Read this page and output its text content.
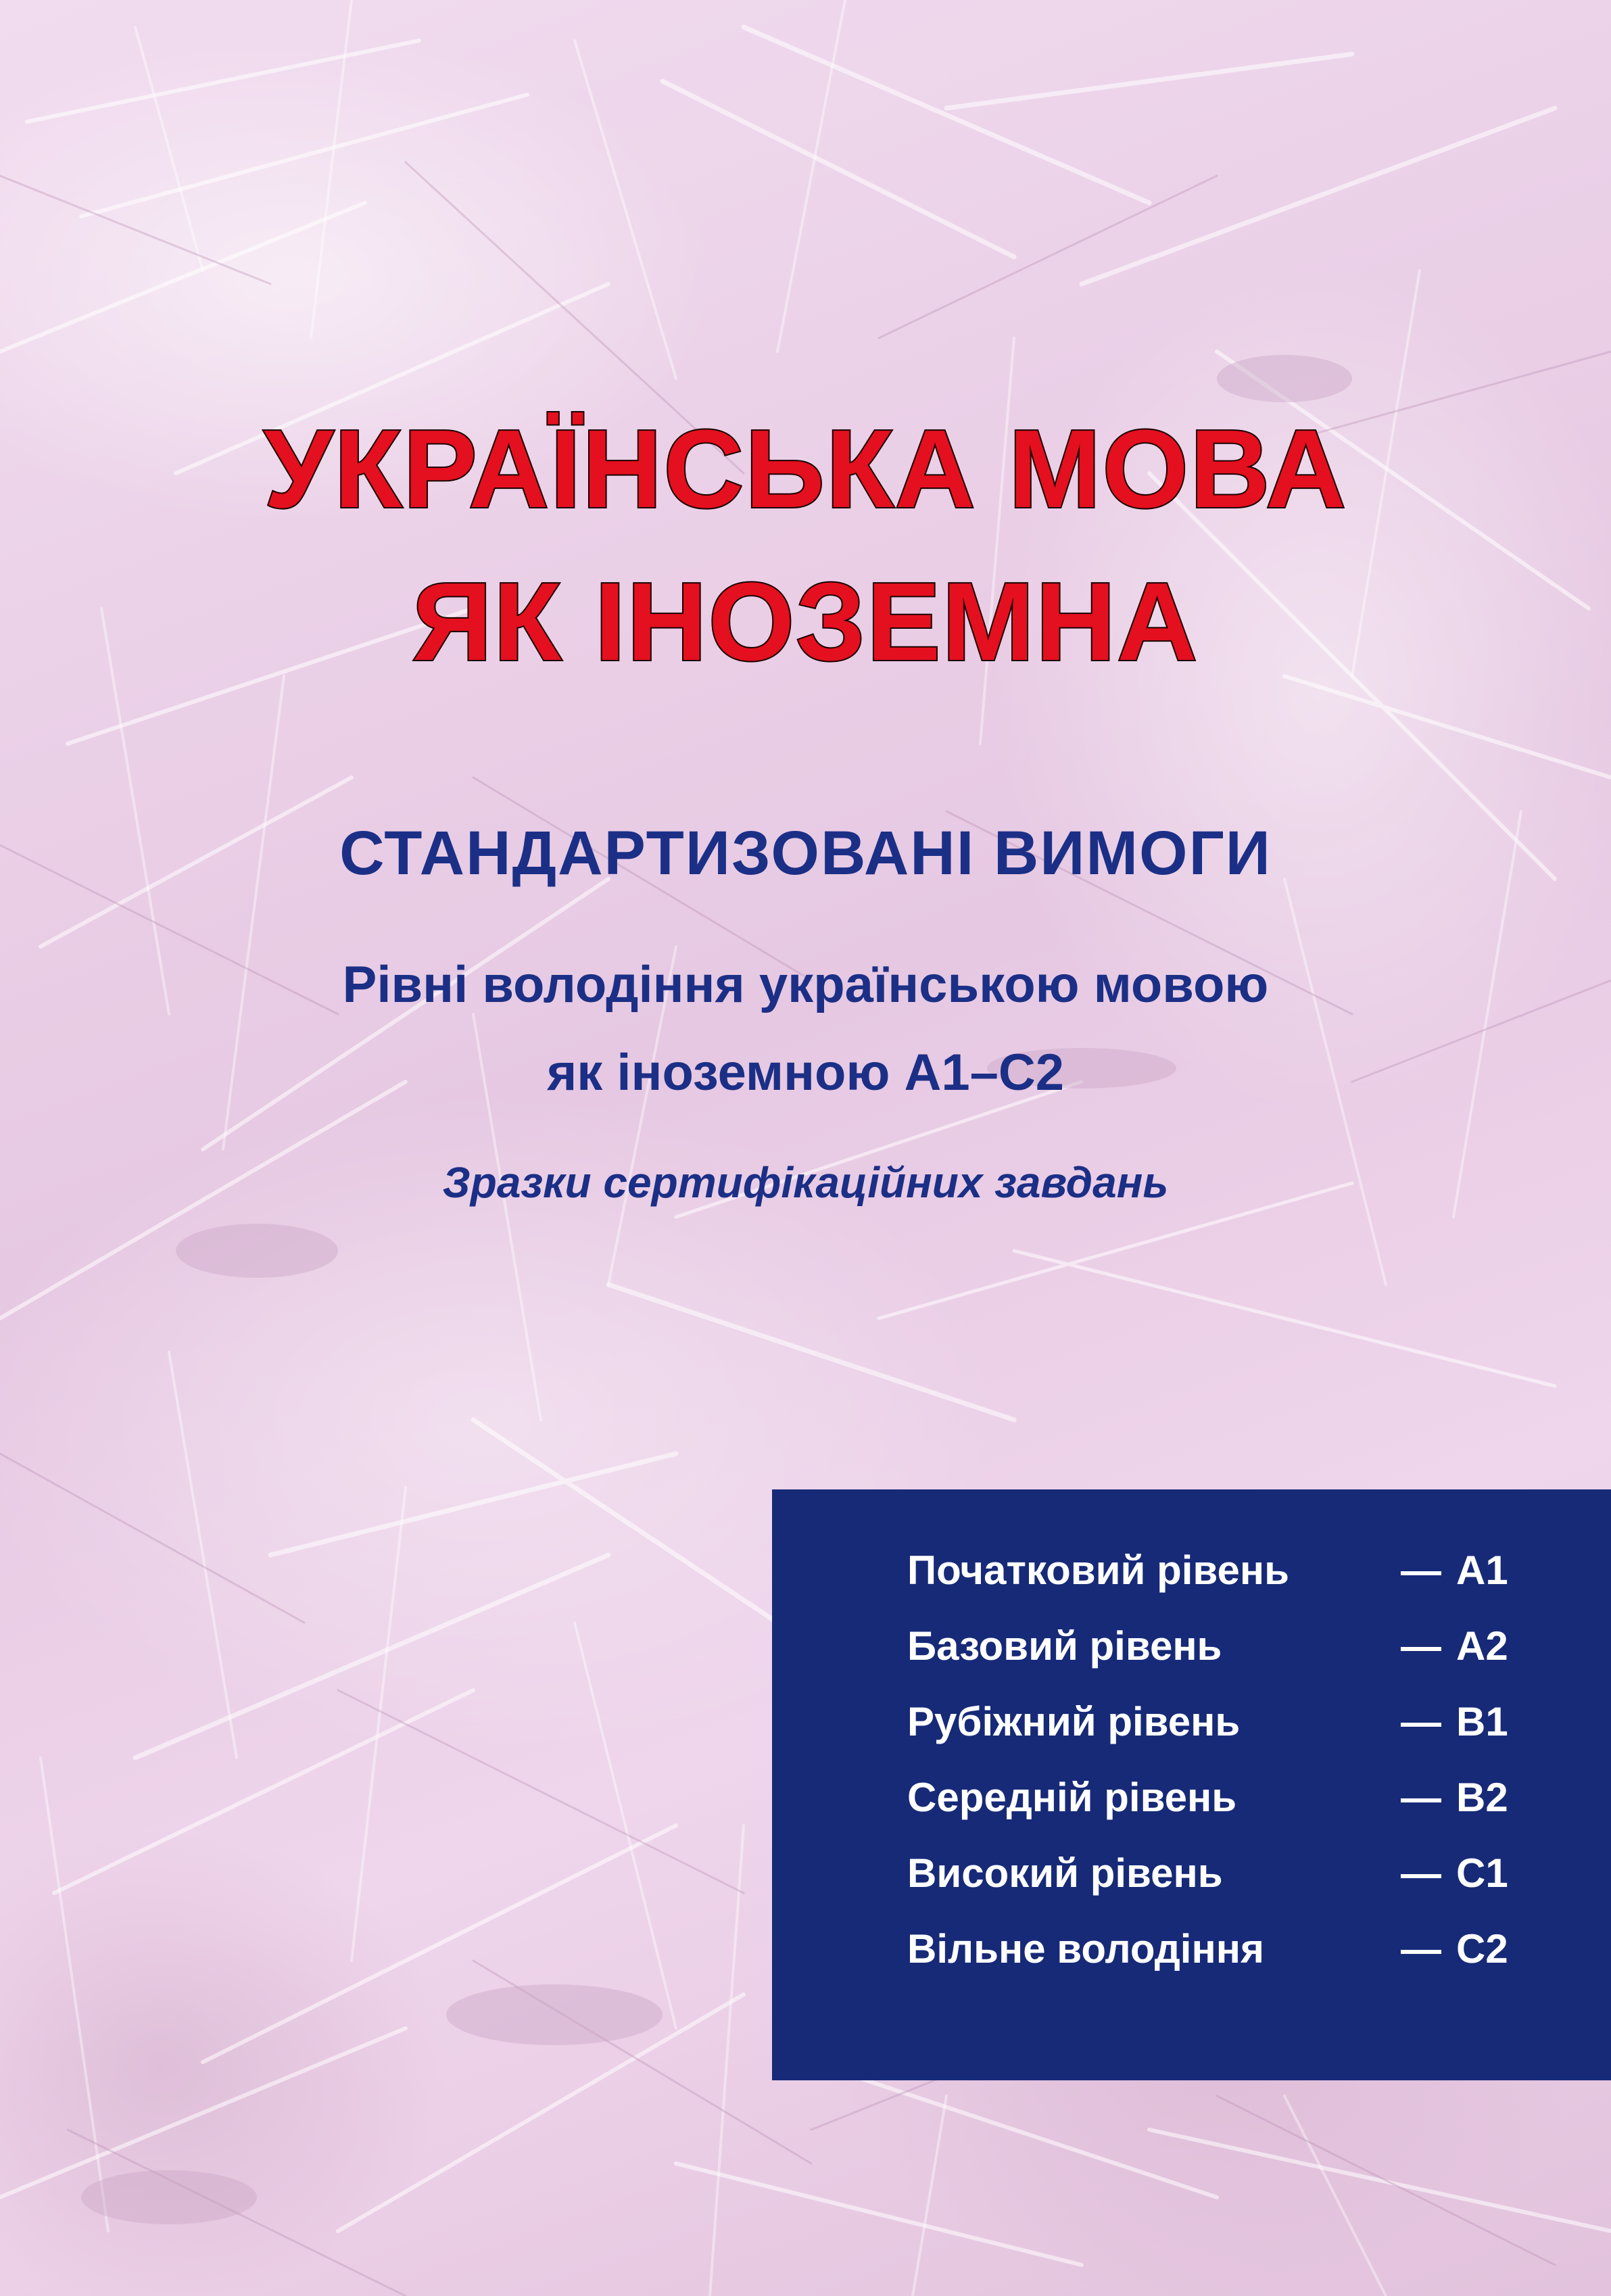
УКРАЇНСЬКА МОВА
ЯК ІНОЗЕМНА
СТАНДАРТИЗОВАНІ ВИМОГИ
Рівні володіння українською мовою
як іноземною А1–С2
Зразки сертифікаційних завдань
Початковий рівень	— А1
Базовий рівень	— А2
Рубіжний рівень	— В1
Середній рівень	— В2
Високий рівень	— С1
Вільне володіння	— С2
